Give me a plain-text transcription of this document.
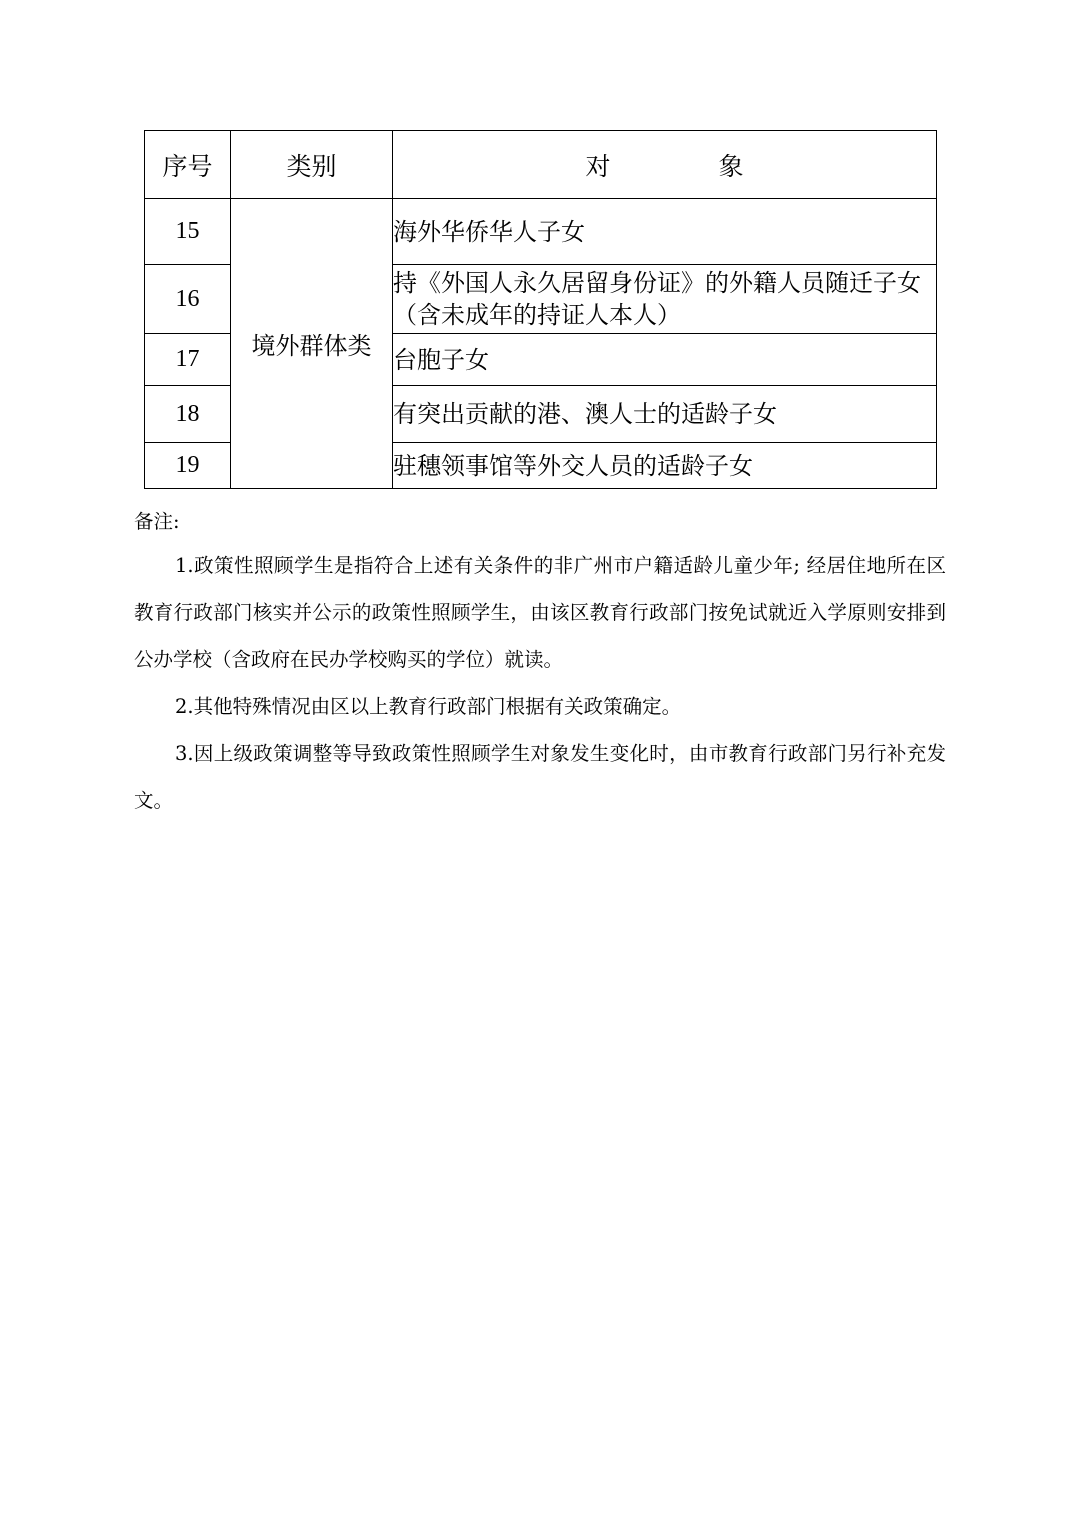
序号	类别	对 象
15	境外群体类	海外华侨华人子女
16		持《外国人永久居留身份证》的外籍人员随迁子女（含未成年的持证人本人）
17		台胞子女
18		有突出贡献的港、澳人士的适龄子女
19		驻穗领事馆等外交人员的适龄子女
备注:

1.政策性照顾学生是指符合上述有关条件的非广州市户籍适龄儿童少年; 经居住地所在区教育行政部门核实并公示的政策性照顾学生，由该区教育行政部门按免试就近入学原则安排到公办学校（含政府在民办学校购买的学位）就读。

2.其他特殊情况由区以上教育行政部门根据有关政策确定。

3.因上级政策调整等导致政策性照顾学生对象发生变化时，由市教育行政部门另行补充发文。
